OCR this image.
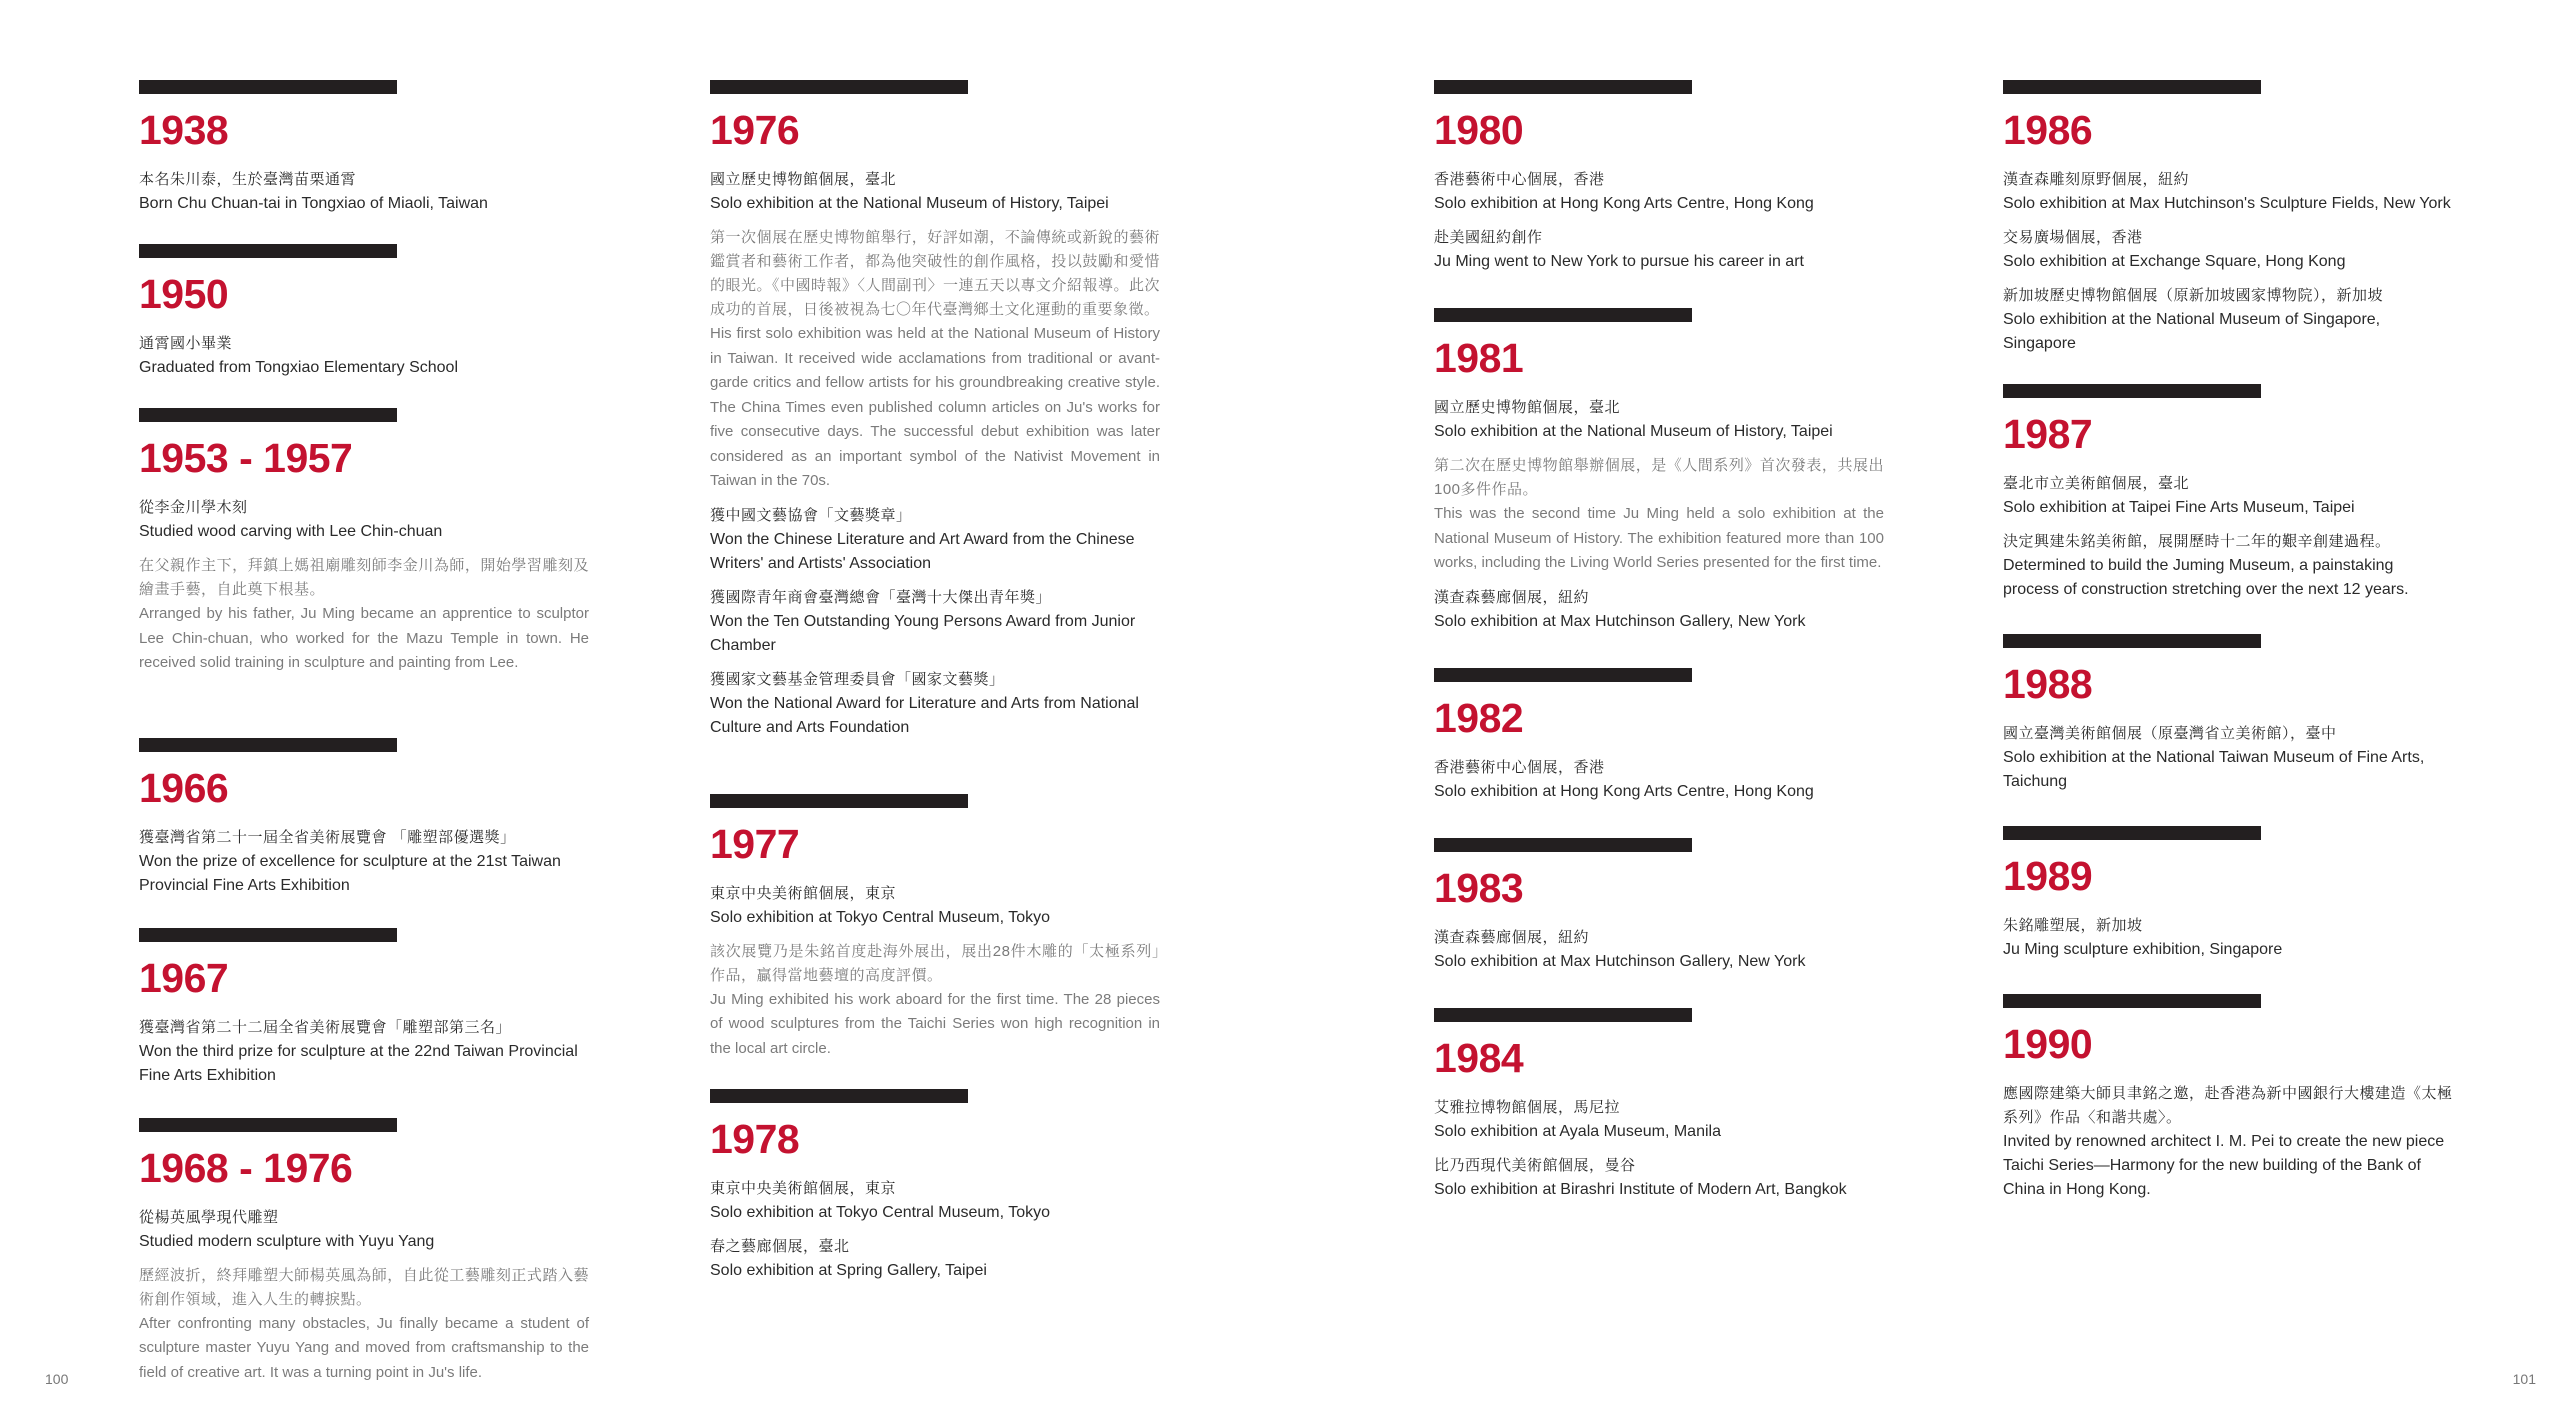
1938
本名朱川泰，生於臺灣苗栗通霄
Born Chu Chuan-tai in Tongxiao of Miaoli, Taiwan
1950
通霄國小畢業
Graduated from Tongxiao Elementary School
1953 - 1957
從李金川學木刻
Studied wood carving with Lee Chin-chuan
在父親作主下，拜鎮上媽祖廟雕刻師李金川為師，開始學習雕刻及繪畫手藝，自此奠下根基。
Arranged by his father, Ju Ming became an apprentice to sculptor Lee Chin-chuan, who worked for the Mazu Temple in town. He received solid training in sculpture and painting from Lee.
1966
獲臺灣省第二十一屆全省美術展覽會 「雕塑部優選獎」
Won the prize of excellence for sculpture at the 21st Taiwan Provincial Fine Arts Exhibition
1967
獲臺灣省第二十二屆全省美術展覽會「雕塑部第三名」
Won the third prize for sculpture at the 22nd Taiwan Provincial Fine Arts Exhibition
1968 - 1976
從楊英風學現代雕塑
Studied modern sculpture with Yuyu Yang
歷經波折，終拜雕塑大師楊英風為師，自此從工藝雕刻正式踏入藝術創作領域，進入人生的轉捩點。
After confronting many obstacles, Ju finally became a student of sculpture master Yuyu Yang and moved from craftsmanship to the field of creative art. It was a turning point in Ju's life.
1976
國立歷史博物館個展，臺北
Solo exhibition at the National Museum of History, Taipei
第一次個展在歷史博物館舉行，好評如潮，不論傳統或新銳的藝術鑑賞者和藝術工作者，都為他突破性的創作風格，投以鼓勵和愛惜的眼光。《中國時報》〈人間副刊〉一連五天以專文介紹報導。此次成功的首展，日後被視為七〇年代臺灣鄉土文化運動的重要象徵。
His first solo exhibition was held at the National Museum of History in Taiwan. It received wide acclamations from traditional or avant-garde critics and fellow artists for his groundbreaking creative style. The China Times even published column articles on Ju's works for five consecutive days. The successful debut exhibition was later considered as an important symbol of the Nativist Movement in Taiwan in the 70s.
獲中國文藝協會「文藝獎章」
Won the Chinese Literature and Art Award from the Chinese Writers' and Artists' Association
獲國際青年商會臺灣總會「臺灣十大傑出青年獎」
Won the Ten Outstanding Young Persons Award from Junior Chamber
獲國家文藝基金管理委員會「國家文藝獎」
Won the National Award for Literature and Arts from National Culture and Arts Foundation
1977
東京中央美術館個展，東京
Solo exhibition at Tokyo Central Museum, Tokyo
該次展覽乃是朱銘首度赴海外展出，展出28件木雕的「太極系列」作品，贏得當地藝壇的高度評價。
Ju Ming exhibited his work aboard for the first time. The 28 pieces of wood sculptures from the Taichi Series won high recognition in the local art circle.
1978
東京中央美術館個展，東京
Solo exhibition at Tokyo Central Museum, Tokyo
春之藝廊個展，臺北
Solo exhibition at Spring Gallery, Taipei
1980
香港藝術中心個展，香港
Solo exhibition at Hong Kong Arts Centre, Hong Kong
赴美國紐約創作
Ju Ming went to New York to pursue his career in art
1981
國立歷史博物館個展，臺北
Solo exhibition at the National Museum of History, Taipei
第二次在歷史博物館舉辦個展，是《人間系列》首次發表，共展出100多件作品。
This was the second time Ju Ming held a solo exhibition at the National Museum of History. The exhibition featured more than 100 works, including the Living World Series presented for the first time.
漢查森藝廊個展，紐約
Solo exhibition at Max Hutchinson Gallery, New York
1982
香港藝術中心個展，香港
Solo exhibition at Hong Kong Arts Centre, Hong Kong
1983
漢查森藝廊個展，紐約
Solo exhibition at Max Hutchinson Gallery, New York
1984
艾雅拉博物館個展，馬尼拉
Solo exhibition at Ayala Museum, Manila
比乃西現代美術館個展，曼谷
Solo exhibition at Birashri Institute of Modern Art, Bangkok
1986
漢查森雕刻原野個展，紐約
Solo exhibition at Max Hutchinson's Sculpture Fields, New York
交易廣場個展，香港
Solo exhibition at Exchange Square, Hong Kong
新加坡歷史博物館個展（原新加坡國家博物院），新加坡
Solo exhibition at the National Museum of Singapore, Singapore
1987
臺北市立美術館個展，臺北
Solo exhibition at Taipei Fine Arts Museum, Taipei
決定興建朱銘美術館，展開歷時十二年的艱辛創建過程。
Determined to build the Juming Museum, a painstaking process of construction stretching over the next 12 years.
1988
國立臺灣美術館個展（原臺灣省立美術館），臺中
Solo exhibition at the National Taiwan Museum of Fine Arts, Taichung
1989
朱銘雕塑展，新加坡
Ju Ming sculpture exhibition, Singapore
1990
應國際建築大師貝聿銘之邀，赴香港為新中國銀行大樓建造《太極系列》作品〈和諧共處〉。
Invited by renowned architect I. M. Pei to create the new piece Taichi Series—Harmony for the new building of the Bank of China in Hong Kong.
100	101
